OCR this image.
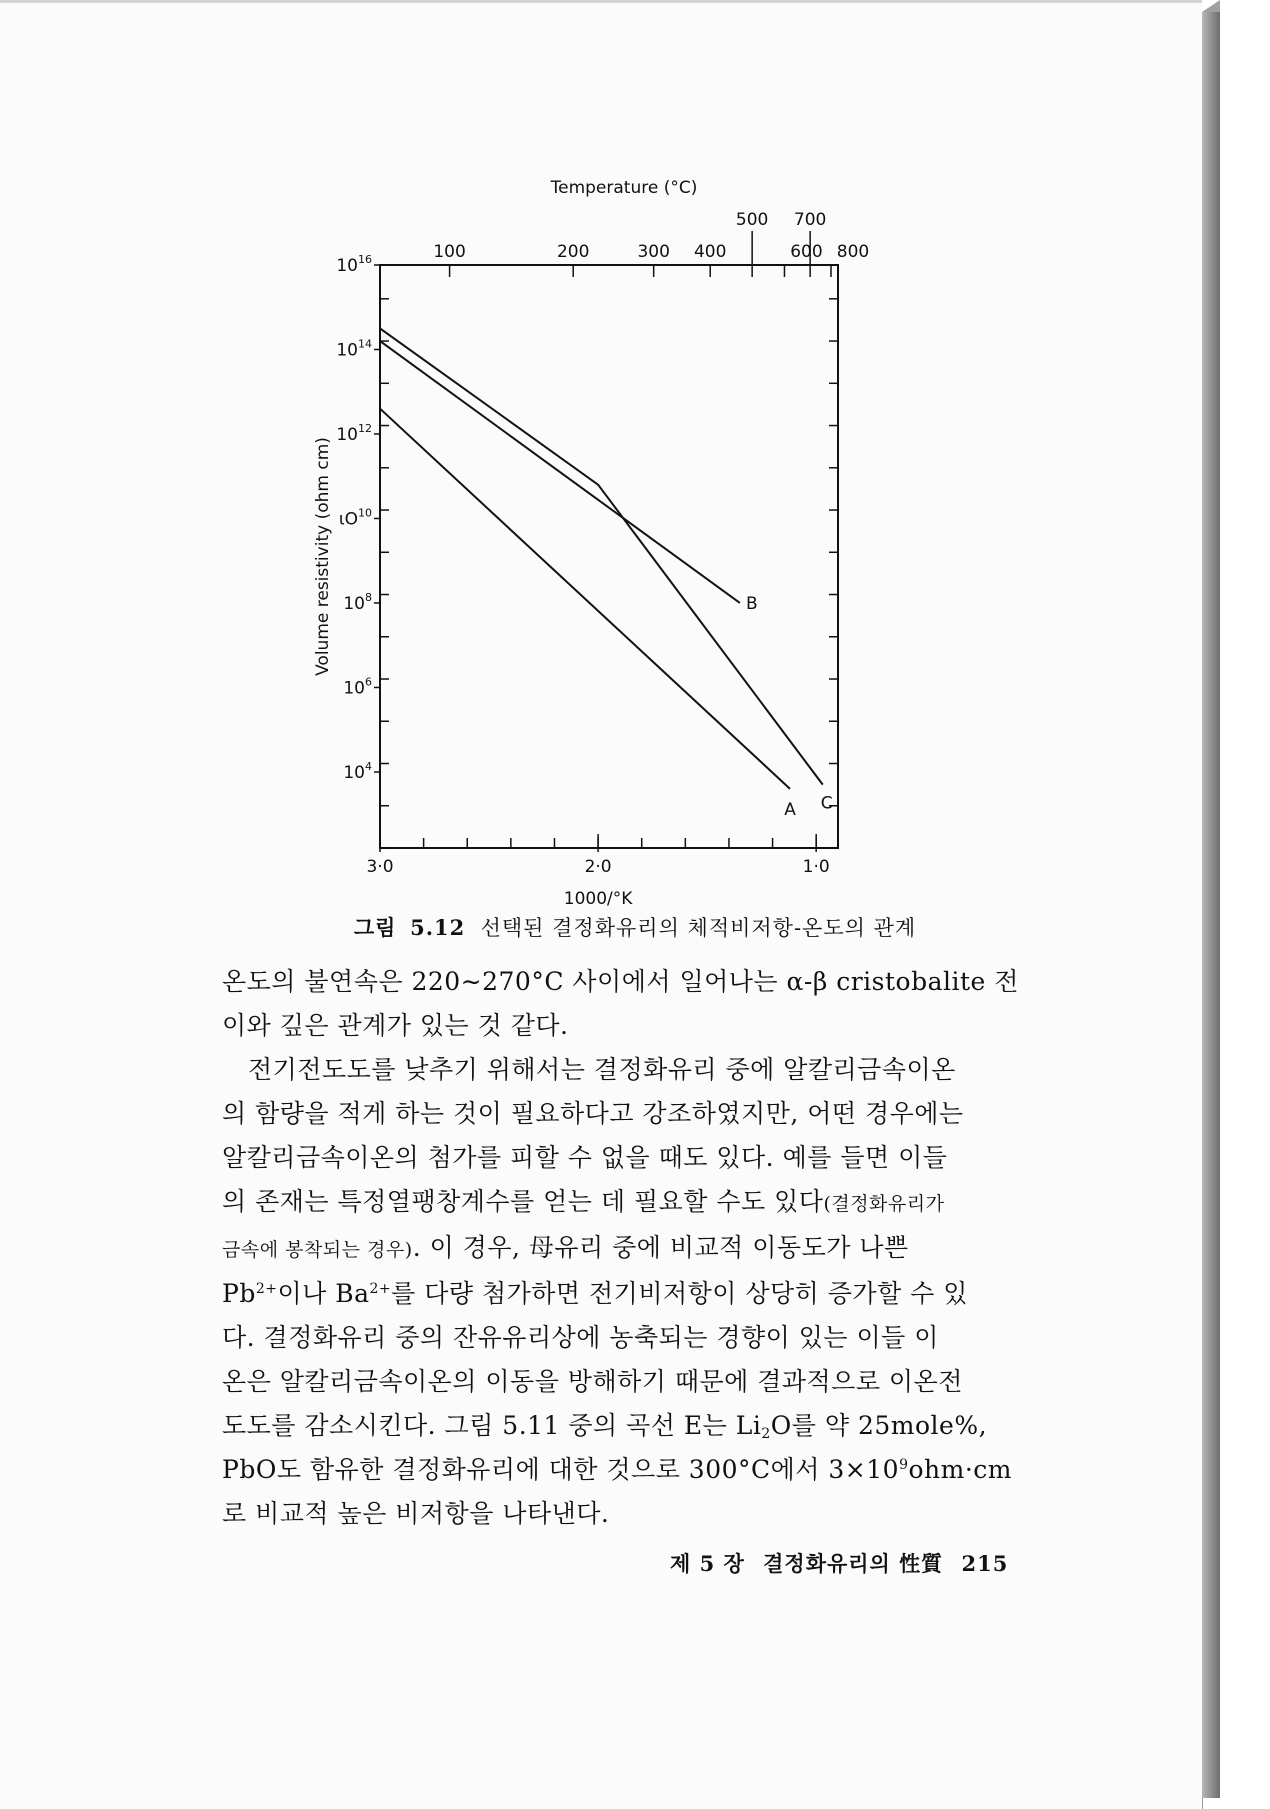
$10^{16}$
$10^{14}$
$10^{12}$
$\iota O^{10}$
$10^8$
$10^6$
$10^4$
3·0	2·0	1·0
100	200	300 400	600 800
500 700
Temperature (°C)
1000/°K
Volume resistivity (ohm cm)
A
B
C
그림 5.12 선택된 결정화유리의 체적비저항-온도의 관계

온도의 불연속은 220∼270°C 사이에서 일어나는 α-β cristobalite 전
이와 깊은 관계가 있는 것 같다.

전기전도도를 낮추기 위해서는 결정화유리 중에 알칼리금속이온
의 함량을 적게 하는 것이 필요하다고 강조하였지만, 어떤 경우에는
알칼리금속이온의 첨가를 피할 수 없을 때도 있다. 예를 들면 이들
의 존재는 특정열팽창계수를 얻는 데 필요할 수도 있다(결정화유리가
금속에 봉착되는 경우). 이 경우, 母유리 중에 비교적 이동도가 나쁜
$Pb^{2+}$이나 $Ba^{2+}$를 다량 첨가하면 전기비저항이 상당히 증가할 수 있
다. 결정화유리 중의 잔유유리상에 농축되는 경향이 있는 이들 이
온은 알칼리금속이온의 이동을 방해하기 때문에 결과적으로 이온전
도도를 감소시킨다. 그림 5.11 중의 곡선 E는 $Li_2O$를 약 25mole%,
PbO도 함유한 결정화유리에 대한 것으로 300°C에서 $3\times 10^9ohm\cdot cm$
로 비교적 높은 비저항을 나타낸다.

제 5 장 결정화유리의 性質 215
